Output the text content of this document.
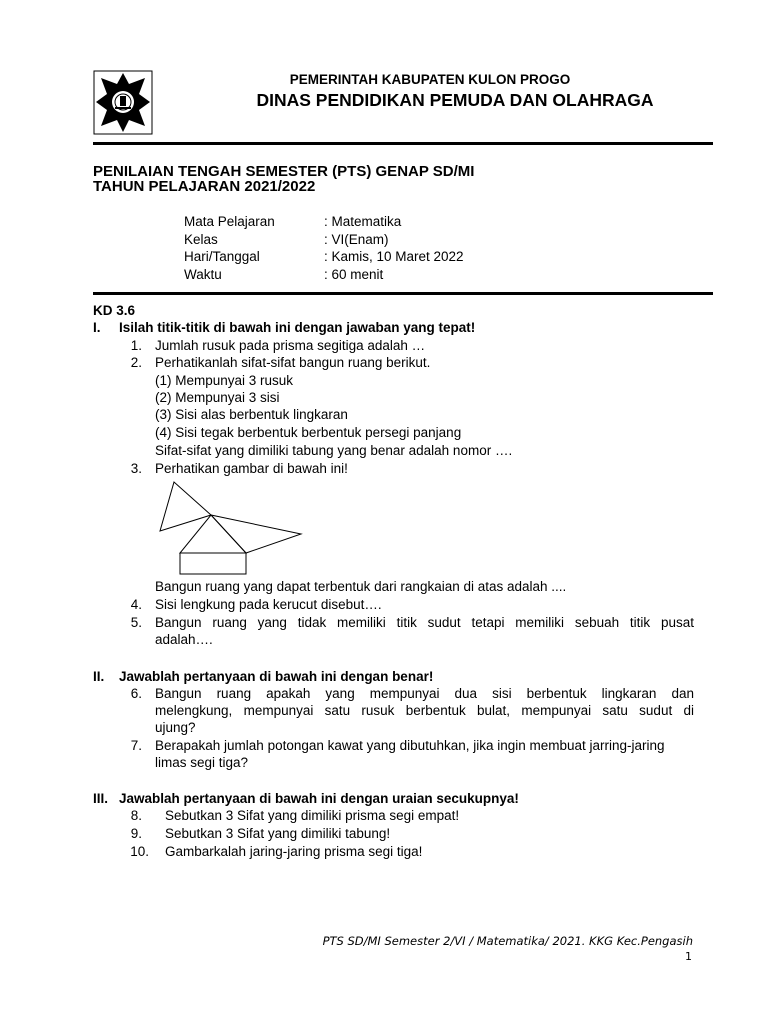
PEMERINTAH KABUPATEN KULON PROGO
DINAS PENDIDIKAN PEMUDA DAN OLAHRAGA
PENILAIAN TENGAH SEMESTER (PTS) GENAP SD/MI
TAHUN PELAJARAN 2021/2022
Mata Pelajaran	: Matematika
Kelas	: VI(Enam)
Hari/Tanggal	: Kamis, 10 Maret 2022
Waktu	: 60 menit
KD 3.6
I. Isilah titik-titik di bawah ini dengan jawaban yang tepat!
1. Jumlah rusuk pada prisma segitiga adalah …
2. Perhatikanlah sifat-sifat bangun ruang berikut.
(1) Mempunyai 3 rusuk
(2) Mempunyai 3 sisi
(3) Sisi alas berbentuk lingkaran
(4) Sisi tegak berbentuk berbentuk persegi panjang
Sifat-sifat yang dimiliki tabung yang benar adalah nomor ….
3. Perhatikan gambar di bawah ini!
Bangun ruang yang dapat terbentuk dari rangkaian di atas adalah ....
4. Sisi lengkung pada kerucut disebut….
5. Bangun ruang yang tidak memiliki titik sudut tetapi memiliki sebuah titik pusat
adalah….
II. Jawablah pertanyaan di bawah ini dengan benar!
6. Bangun ruang apakah yang mempunyai dua sisi berbentuk lingkaran dan
melengkung, mempunyai satu rusuk berbentuk bulat, mempunyai satu sudut di
ujung?
7. Berapakah jumlah potongan kawat yang dibutuhkan, jika ingin membuat jarring-jaring
limas segi tiga?
III. Jawablah pertanyaan di bawah ini dengan uraian secukupnya!
8. Sebutkan 3 Sifat yang dimiliki prisma segi empat!
9. Sebutkan 3 Sifat yang dimiliki tabung!
10. Gambarkalah jaring-jaring prisma segi tiga!
PTS SD/MI Semester 2/VI / Matematika/ 2021. KKG Kec.Pengasih
1
